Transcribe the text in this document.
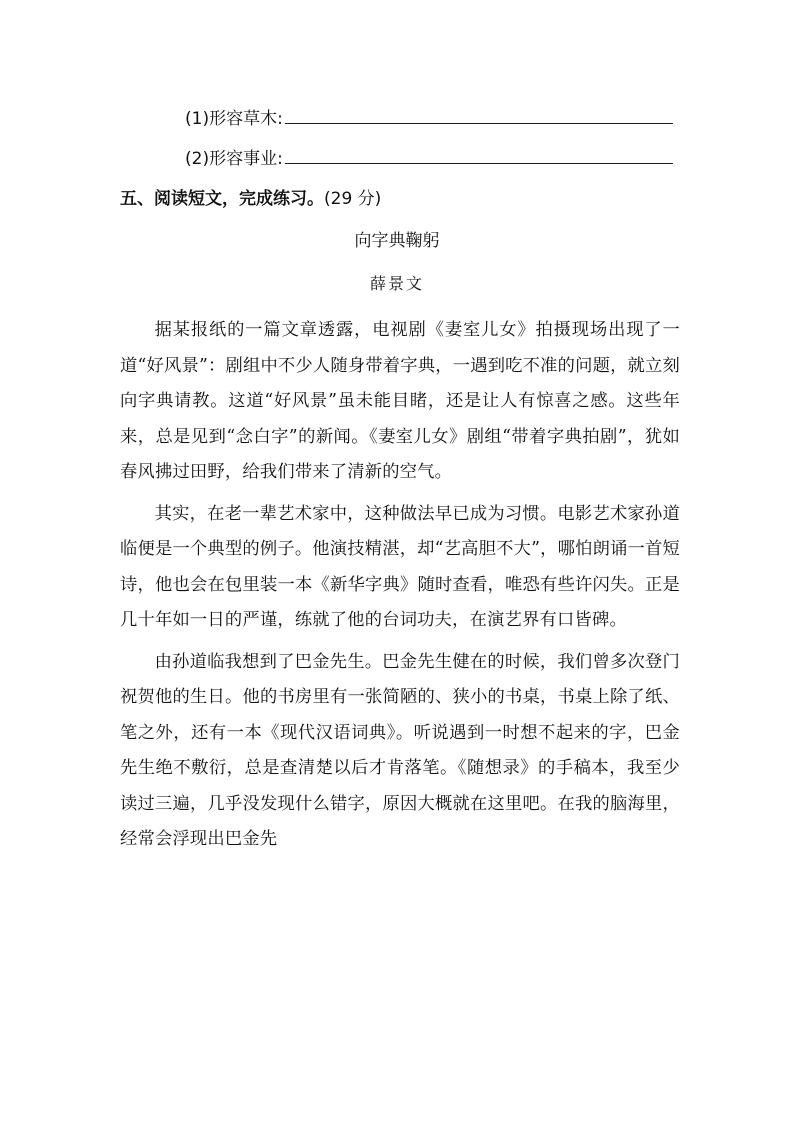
(1)形容草木:
(2)形容事业:
五、阅读短文，完成练习。(29 分)
向字典鞠躬
薛景文

据某报纸的一篇文章透露，电视剧《妻室儿女》拍摄现场出现了一道“好风景”：剧组中不少人随身带着字典，一遇到吃不准的问题，就立刻向字典请教。这道“好风景”虽未能目睹，还是让人有惊喜之感。这些年来，总是见到“念白字”的新闻。《妻室儿女》剧组“带着字典拍剧”，犹如春风拂过田野，给我们带来了清新的空气。

其实，在老一辈艺术家中，这种做法早已成为习惯。电影艺术家孙道临便是一个典型的例子。他演技精湛，却“艺高胆不大”，哪怕朗诵一首短诗，他也会在包里装一本《新华字典》随时查看，唯恐有些许闪失。正是几十年如一日的严谨，练就了他的台词功夫，在演艺界有口皆碑。

由孙道临我想到了巴金先生。巴金先生健在的时候，我们曾多次登门祝贺他的生日。他的书房里有一张简陋的、狭小的书桌，书桌上除了纸、笔之外，还有一本《现代汉语词典》。听说遇到一时想不起来的字，巴金先生绝不敷衍，总是查清楚以后才肯落笔。《随想录》的手稿本，我至少读过三遍，几乎没发现什么错字，原因大概就在这里吧。在我的脑海里，经常会浮现出巴金先
